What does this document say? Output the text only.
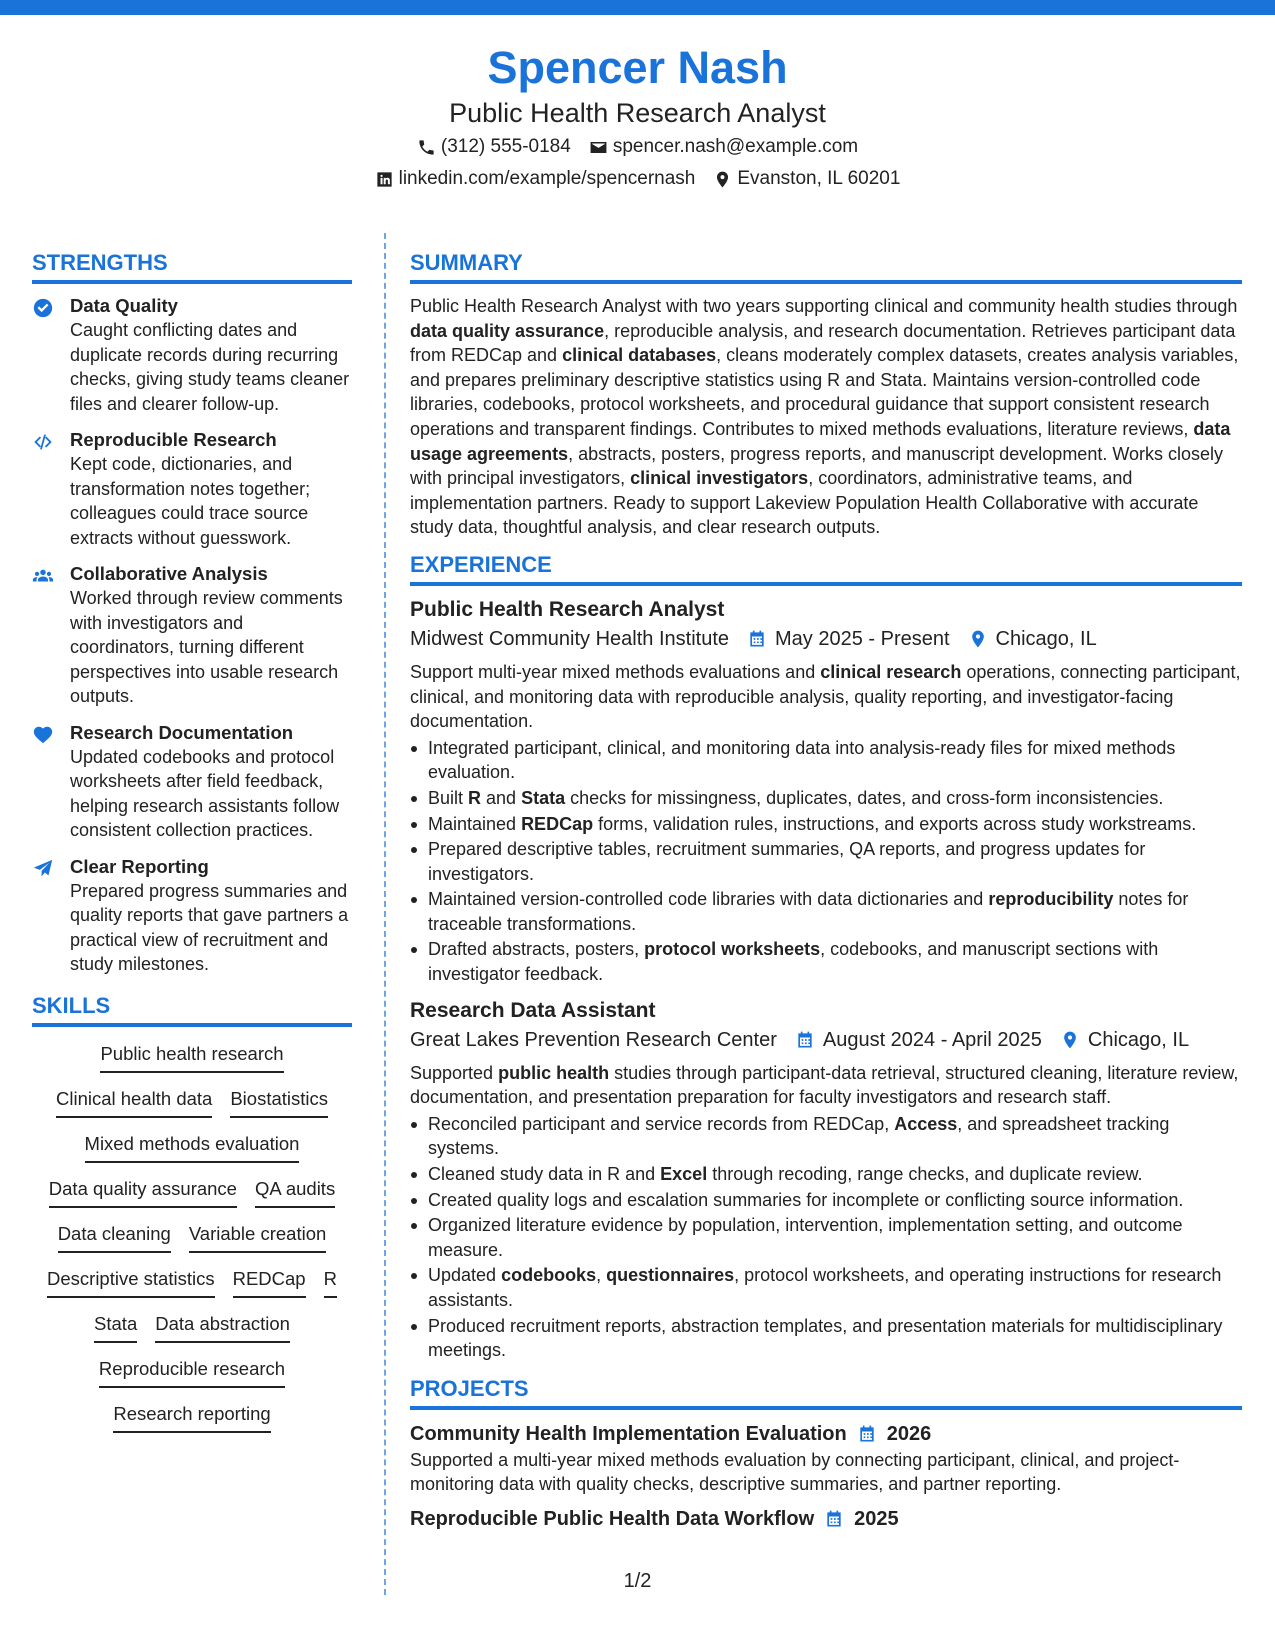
Spencer Nash
Public Health Research Analyst
(312) 555-0184 spencer.nash@example.com
linkedin.com/example/spencernash Evanston, IL 60201
STRENGTHS
Data Quality
Caught conflicting dates and duplicate records during recurring checks, giving study teams cleaner files and clearer follow-up.
Reproducible Research
Kept code, dictionaries, and transformation notes together; colleagues could trace source extracts without guesswork.
Collaborative Analysis
Worked through review comments with investigators and coordinators, turning different perspectives into usable research outputs.
Research Documentation
Updated codebooks and protocol worksheets after field feedback, helping research assistants follow consistent collection practices.
Clear Reporting
Prepared progress summaries and quality reports that gave partners a practical view of recruitment and study milestones.
SKILLS
Public health research
Clinical health data Biostatistics
Mixed methods evaluation
Data quality assurance QA audits
Data cleaning Variable creation
Descriptive statistics REDCap R
Stata Data abstraction
Reproducible research
Research reporting
SUMMARY
Public Health Research Analyst with two years supporting clinical and community health studies through data quality assurance, reproducible analysis, and research documentation. Retrieves participant data from REDCap and clinical databases, cleans moderately complex datasets, creates analysis variables, and prepares preliminary descriptive statistics using R and Stata. Maintains version-controlled code libraries, codebooks, protocol worksheets, and procedural guidance that support consistent research operations and transparent findings. Contributes to mixed methods evaluations, literature reviews, data usage agreements, abstracts, posters, progress reports, and manuscript development. Works closely with principal investigators, clinical investigators, coordinators, administrative teams, and implementation partners. Ready to support Lakeview Population Health Collaborative with accurate study data, thoughtful analysis, and clear research outputs.
EXPERIENCE
Public Health Research Analyst
Midwest Community Health Institute May 2025 - Present Chicago, IL
Support multi-year mixed methods evaluations and clinical research operations, connecting participant, clinical, and monitoring data with reproducible analysis, quality reporting, and investigator-facing documentation.
Integrated participant, clinical, and monitoring data into analysis-ready files for mixed methods evaluation.
Built R and Stata checks for missingness, duplicates, dates, and cross-form inconsistencies.
Maintained REDCap forms, validation rules, instructions, and exports across study workstreams.
Prepared descriptive tables, recruitment summaries, QA reports, and progress updates for investigators.
Maintained version-controlled code libraries with data dictionaries and reproducibility notes for traceable transformations.
Drafted abstracts, posters, protocol worksheets, codebooks, and manuscript sections with investigator feedback.
Research Data Assistant
Great Lakes Prevention Research Center August 2024 - April 2025 Chicago, IL
Supported public health studies through participant-data retrieval, structured cleaning, literature review, documentation, and presentation preparation for faculty investigators and research staff.
Reconciled participant and service records from REDCap, Access, and spreadsheet tracking systems.
Cleaned study data in R and Excel through recoding, range checks, and duplicate review.
Created quality logs and escalation summaries for incomplete or conflicting source information.
Organized literature evidence by population, intervention, implementation setting, and outcome measure.
Updated codebooks, questionnaires, protocol worksheets, and operating instructions for research assistants.
Produced recruitment reports, abstraction templates, and presentation materials for multidisciplinary meetings.
PROJECTS
Community Health Implementation Evaluation 2026
Supported a multi-year mixed methods evaluation by connecting participant, clinical, and project-monitoring data with quality checks, descriptive summaries, and partner reporting.
Reproducible Public Health Data Workflow 2025
1/2
